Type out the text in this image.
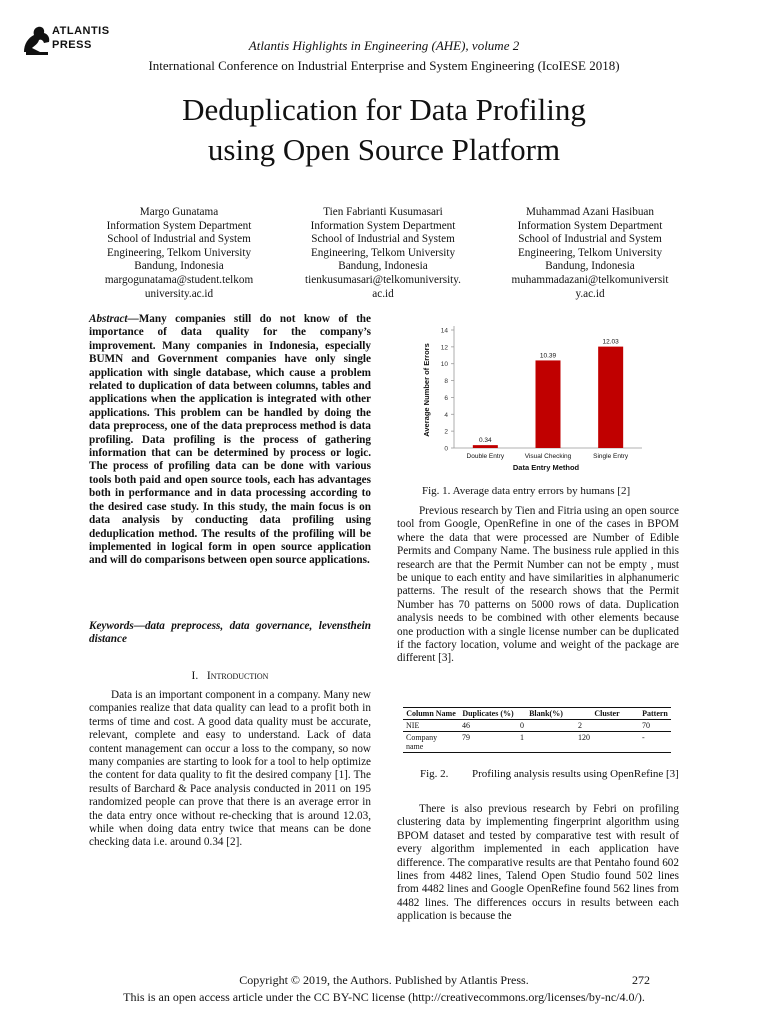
ATLANTIS
PRESS	Atlantis Highlights in Engineering (AHE), volume 2
International Conference on Industrial Enterprise and System Engineering (IcoIESE 2018)
Deduplication for Data Profiling
using Open Source Platform
Margo Gunatama
Information System Department
School of Industrial and System
Engineering, Telkom University
Bandung, Indonesia
margogunatama@student.telkom
university.ac.id
Tien Fabrianti Kusumasari
Information System Department
School of Industrial and System
Engineering, Telkom University
Bandung, Indonesia
tienkusumasari@telkomuniversity.
ac.id
Muhammad Azani Hasibuan
Information System Department
School of Industrial and System
Engineering, Telkom University
Bandung, Indonesia
muhammadazani@telkomuniversit
y.ac.id
Abstract—Many companies still do not know of the importance of data quality for the company’s improvement. Many companies in Indonesia, especially BUMN and Government companies have only single application with single database, which cause a problem related to duplication of data between columns, tables and applications when the application is integrated with other applications. This problem can be handled by doing the data preprocess, one of the data preprocess method is data profiling. Data profiling is the process of gathering information that can be determined by process or logic. The process of profiling data can be done with various tools both paid and open source tools, each has advantages both in performance and in data processing according to the desired case study. In this study, the main focus is on data analysis by conducting data profiling using deduplication method. The results of the profiling will be implemented in logical form in open source application and will do comparisons between open source applications.
Keywords—data preprocess, data governance, levensthein distance
I. Introduction
Data is an important component in a company. Many new companies realize that data quality can lead to a profit both in terms of time and cost. A good data quality must be accurate, relevant, complete and easy to understand. Lack of data content management can occur a loss to the company, so now many companies are starting to look for a tool to help optimize the content for data quality to fit the desired company [1]. The results of Barchard & Pace analysis conducted in 2011 on 195 randomized people can prove that there is an average error in the data entry once without re-checking that is around 12.03, while when doing data entry twice that means can be done checking data i.e. around 0.34 [2].
Average Number of Errors
Data Entry Method
0
2
4
6
8
10
12
14
0.34
Double Entry
10.39
Visual Checking
12.03
Single Entry
Fig. 1. Average data entry errors by humans [2]
Previous research by Tien and Fitria using an open source tool from Google, OpenRefine in one of the cases in BPOM where the data that were processed are Number of Edible Permits and Company Name. The business rule applied in this research are that the Permit Number can not be empty , must be unique to each entity and have similarities in alphanumeric patterns. The result of the research shows that the Permit Number has 70 patterns on 5000 rows of data. Duplication analysis needs to be combined with other elements because one production with a single license number can be duplicated if the factory location, volume and weight of the package are different [3].
Column Name	Duplicates (%)	Blank(%)	Cluster	Pattern
NIE	46	0	2	70
Company name	79	1	120	-
Fig. 2. Profiling analysis results using OpenRefine [3]
There is also previous research by Febri on profiling clustering data by implementing fingerprint algorithm using BPOM dataset and tested by comparative test with result of every algorithm implemented in each application have difference. The comparative results are that Pentaho found 602 lines from 4482 lines, Talend Open Studio found 502 lines from 4482 lines and Google OpenRefine found 562 lines from 4482 lines. The differences occurs in results between each application is because the
Copyright © 2019, the Authors. Published by Atlantis Press.	272
This is an open access article under the CC BY-NC license (http://creativecommons.org/licenses/by-nc/4.0/).
